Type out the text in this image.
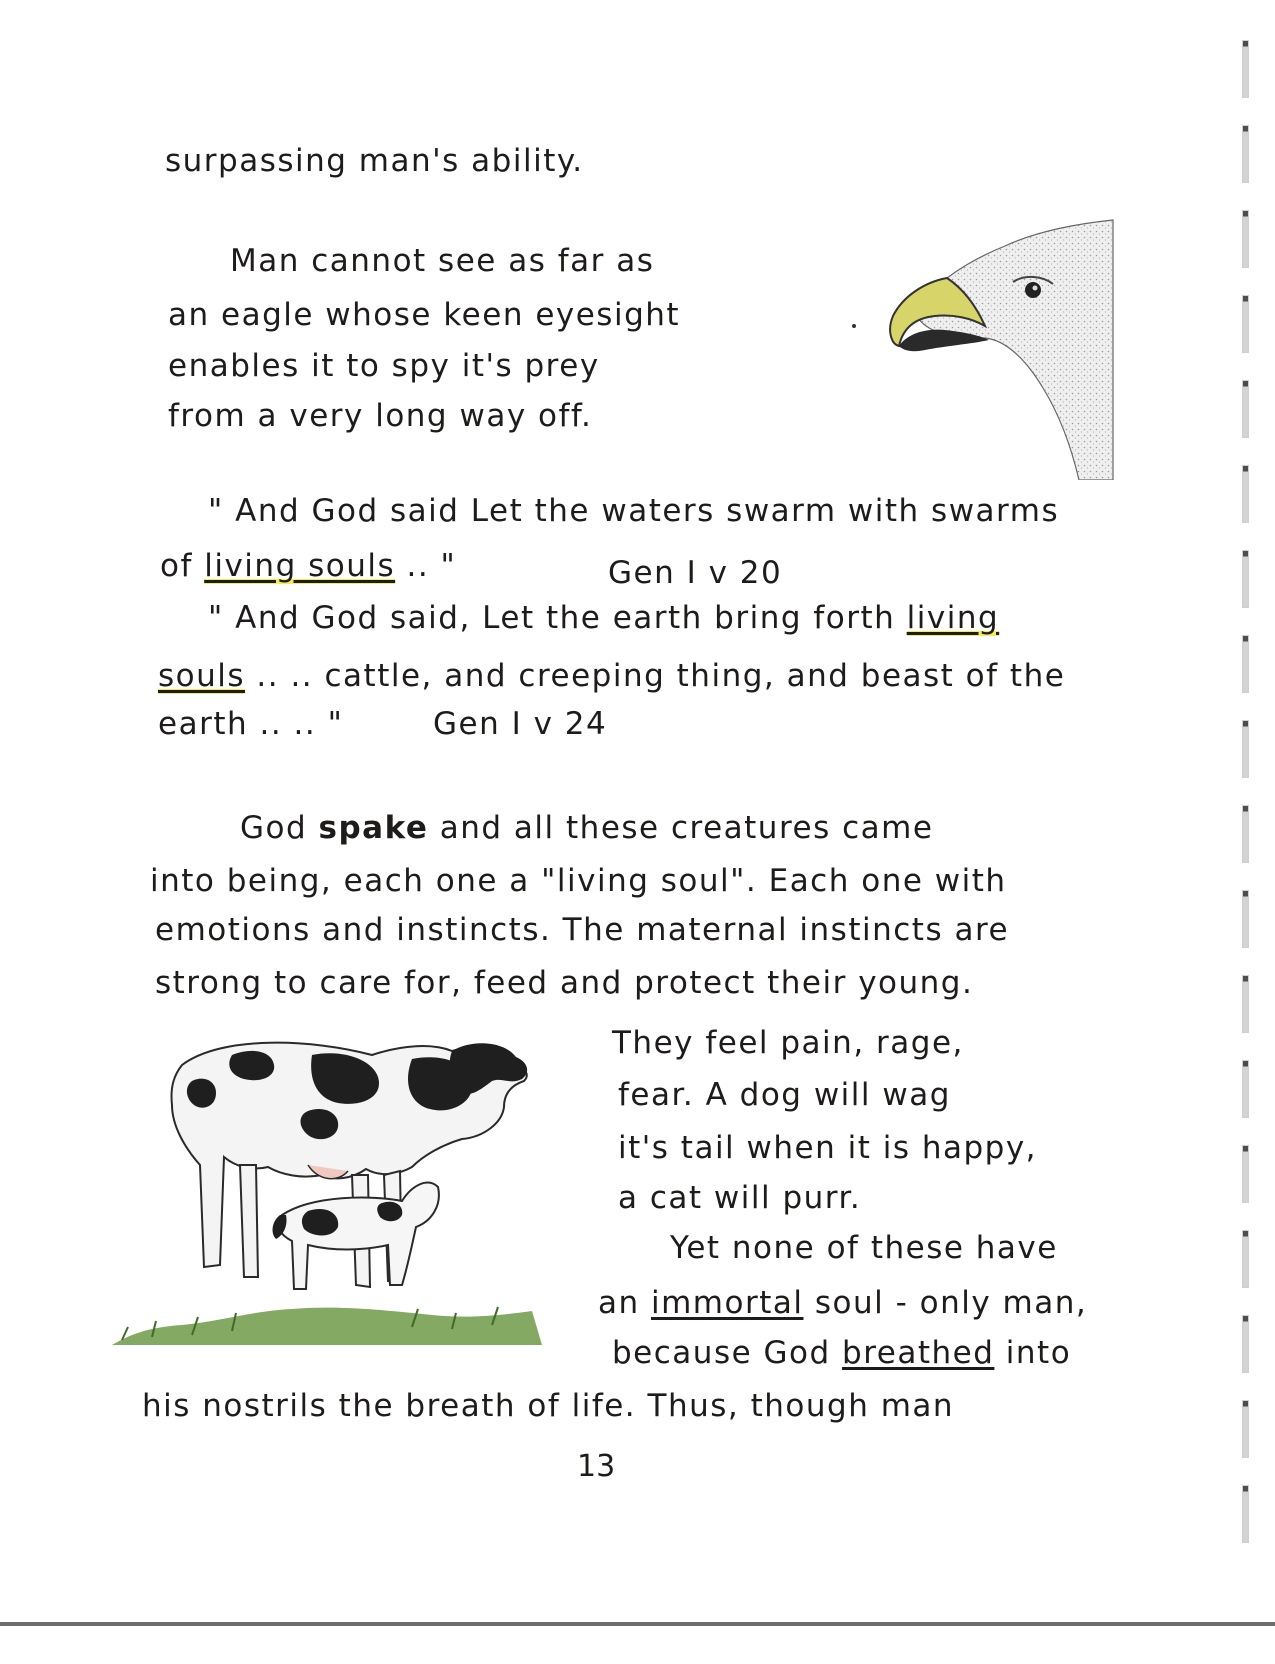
surpassing man's ability.
Man cannot see as far as
an eagle whose keen eyesight
enables it to spy it's prey
from a very long way off.
" And God said Let the waters swarm with swarms
of living souls .. "	Gen I v 20
" And God said, Let the earth bring forth living
souls .. .. cattle, and creeping thing, and beast of the
earth .. .. "	Gen I v 24
God spake and all these creatures came
into being, each one a "living soul". Each one with
emotions and instincts. The maternal instincts are
strong to care for, feed and protect their young.
They feel pain, rage,
fear. A dog will wag
it's tail when it is happy,
a cat will purr.
Yet none of these have
an immortal soul - only man,
because God breathed into
his nostrils the breath of life. Thus, though man
13
